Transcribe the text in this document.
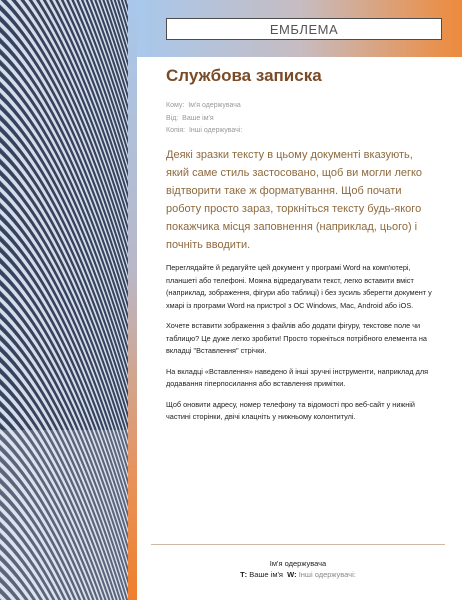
ЕМБЛЕМА
Службова записка
Кому: Ім'я одержувача
Від: Ваше ім'я
Копія: Інші одержувачі:
Деякі зразки тексту в цьому документі вказують, який саме стиль застосовано, щоб ви могли легко відтворити таке ж форматування. Щоб почати роботу просто зараз, торкніться тексту будь-якого покажчика місця заповнення (наприклад, цього) і почніть вводити.

Переглядайте й редагуйте цей документ у програмі Word на комп'ютері, планшеті або телефоні. Можна відредагувати текст, легко вставити вміст (наприклад, зображення, фігури або таблиці) і без зусиль зберегти документ у хмарі із програми Word на пристрої з ОС Windows, Mac, Android або iOS.

Хочете вставити зображення з файлів або додати фігуру, текстове поле чи таблицю? Це дуже легко зробити! Просто торкніться потрібного елемента на вкладці "Вставлення" стрічки.

На вкладці «Вставлення» наведено й інші зручні інструменти, наприклад для додавання гіперпосилання або вставлення примітки.

Щоб оновити адресу, номер телефону та відомості про веб-сайт у нижній частині сторінки, двічі клацніть у нижньому колонтитулі.

Ім'я одержувача
Т: Ваше ім'я W: Інші одержувачі:
